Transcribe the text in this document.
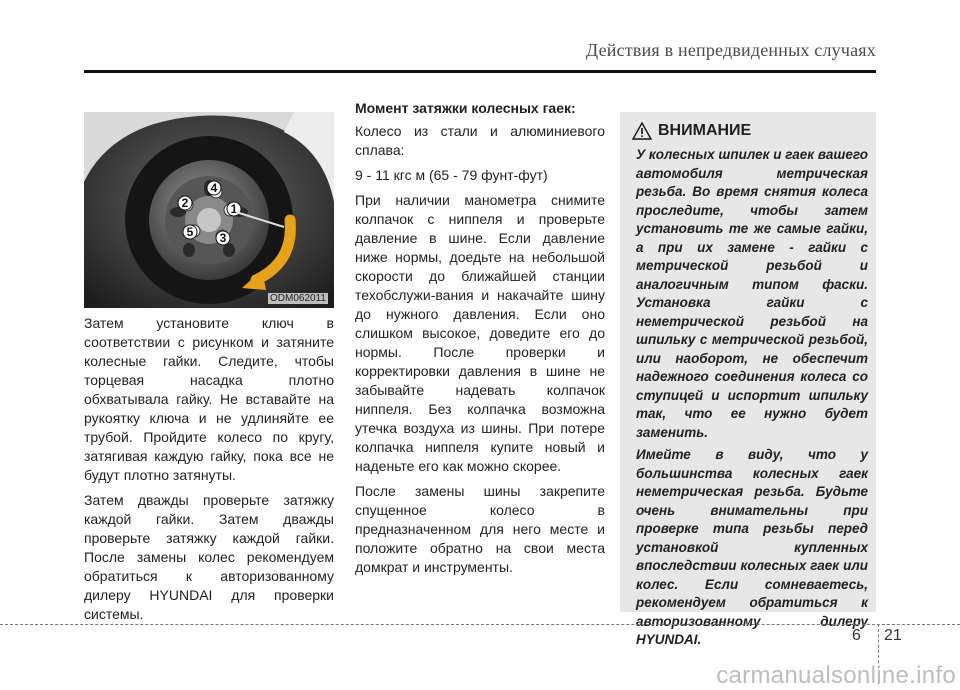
Действия в непредвиденных случаях
1
2
3
4
5
ODM062011

Затем установите ключ в соответствии с рисунком и затяните колесные гайки. Следите, чтобы торцевая насадка плотно обхватывала гайку. Не вставайте на рукоятку ключа и не удлиняйте ее трубой. Пройдите колесо по кругу, затягивая каждую гайку, пока все не будут плотно затянуты.

Затем дважды проверьте затяжку каждой гайки. Затем дважды проверьте затяжку каждой гайки. После замены колес рекомендуем обратиться к авторизованному дилеру HYUNDAI для проверки системы.

Момент затяжки колесных гаек:

Колесо из стали и алюминиевого сплава:

9 - 11 кгс м (65 - 79 фунт-фут)

При наличии манометра снимите колпачок с ниппеля и проверьте давление в шине. Если давление ниже нормы, доедьте на небольшой скорости до ближайшей станции техобслужи-вания и накачайте шину до нужного давления. Если оно слишком высокое, доведите его до нормы. После проверки и корректировки давления в шине не забывайте надевать колпачок ниппеля. Без колпачка возможна утечка воздуха из шины. При потере колпачка ниппеля купите новый и наденьте его как можно скорее.

После замены шины закрепите спущенное колесо в предназначенном для него месте и положите обратно на свои места домкрат и инструменты.

ВНИМАНИЕ

У колесных шпилек и гаек вашего автомобиля метрическая резьба. Во время снятия колеса проследите, чтобы затем установить те же самые гайки, а при их замене - гайки с метрической резьбой и аналогичным типом фаски. Установка гайки с неметрической резьбой на шпильку с метрической резьбой, или наоборот, не обеспечит надежного соединения колеса со ступицей и испортит шпильку так, что ее нужно будет заменить.

Имейте в виду, что у большинства колесных гаек неметрическая резьба. Будьте очень внимательны при проверке типа резьбы перед установкой купленных впоследствии колесных гаек или колес. Если сомневаетесь, рекомендуем обратиться к авторизованному дилеру HYUNDAI.	6 21
carmanualsonline.info
